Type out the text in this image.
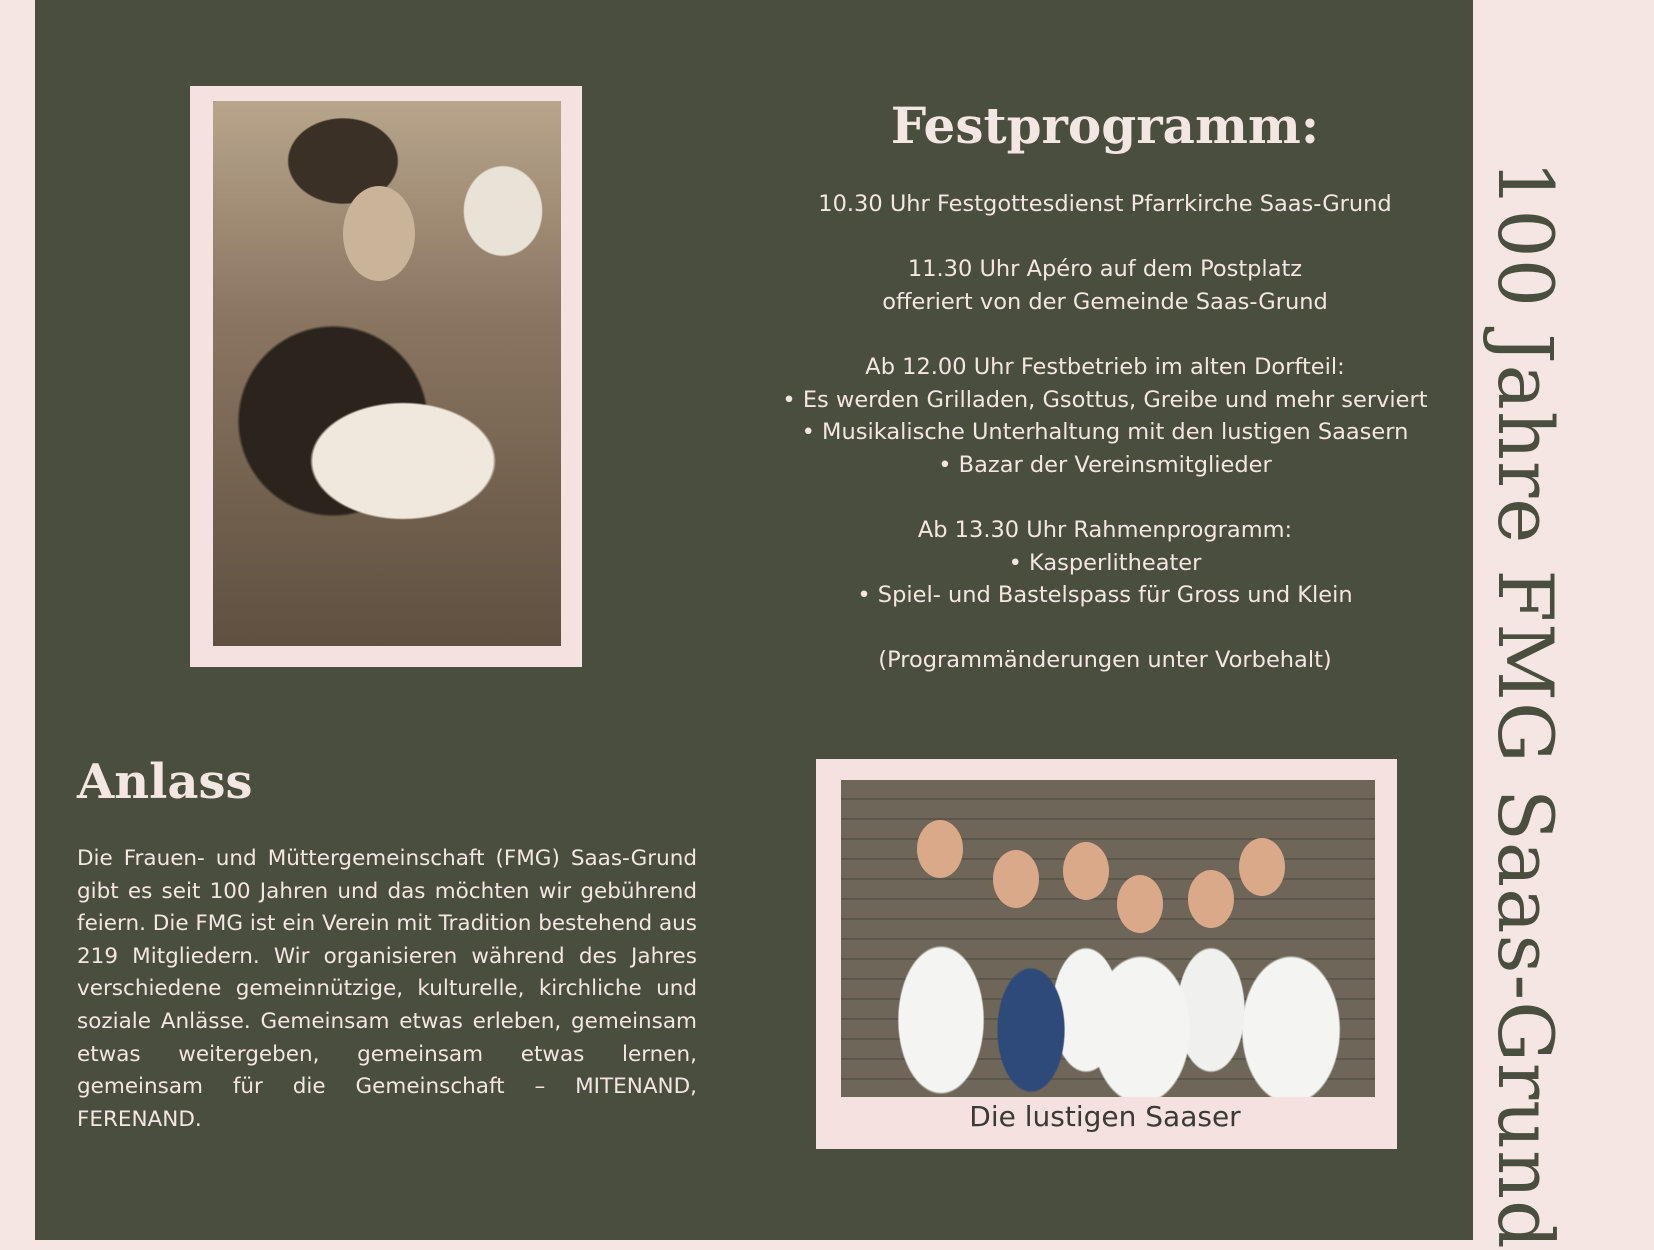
100 Jahre FMG Saas-Grund
Festprogramm:
10.30 Uhr Festgottesdienst Pfarrkirche Saas-Grund
11.30 Uhr Apéro auf dem Postplatz
offeriert von der Gemeinde Saas-Grund
Ab 12.00 Uhr Festbetrieb im alten Dorfteil:
• Es werden Grilladen, Gsottus, Greibe und mehr serviert
• Musikalische Unterhaltung mit den lustigen Saasern
• Bazar der Vereinsmitglieder
Ab 13.30 Uhr Rahmenprogramm:
• Kasperlitheater
• Spiel- und Bastelspass für Gross und Klein
(Programmänderungen unter Vorbehalt)
Anlass
Die Frauen- und Müttergemeinschaft (FMG) Saas-Grund gibt es seit 100 Jahren und das möchten wir gebührend feiern. Die FMG ist ein Verein mit Tradition bestehend aus 219 Mitgliedern. Wir organisieren während des Jahres verschiedene gemeinnützige, kulturelle, kirchliche und soziale Anlässe. Gemeinsam etwas erleben, gemeinsam etwas weitergeben, gemeinsam etwas lernen, gemeinsam für die Gemeinschaft – MITENAND, FERENAND.	Die lustigen Saaser
